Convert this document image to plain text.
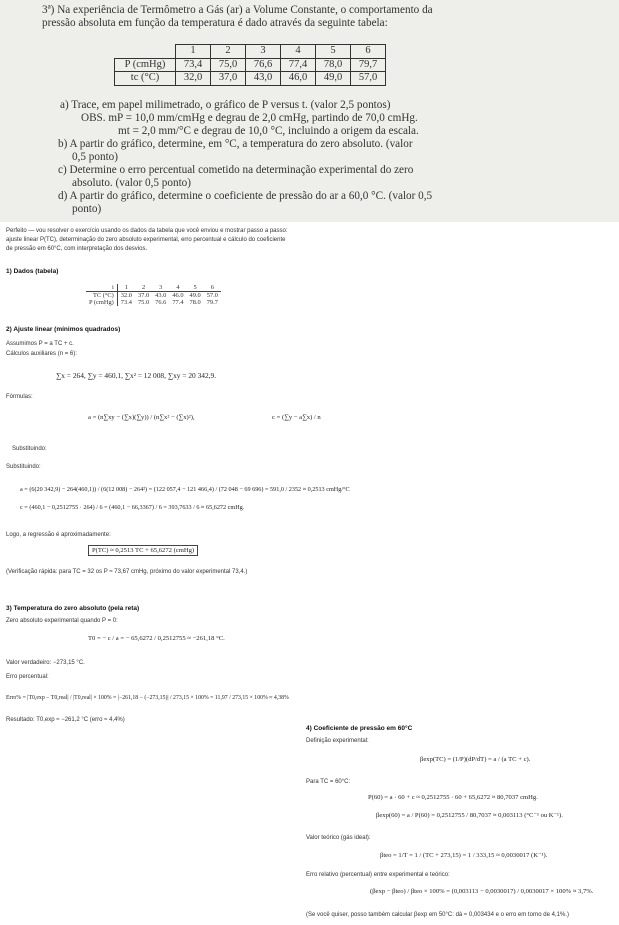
3ª) Na experiência de Termômetro a Gás (ar) a Volume Constante, o comportamento da

pressão absoluta em função da temperatura é dado através da seguinte tabela:

	1	2	3	4	5	6
P (cmHg)	73,4	75,0	76,6	77,4	78,0	79,7
tc (°C)	32,0	37,0	43,0	46,0	49,0	57,0

a) Trace, em papel milimetrado, o gráfico de P versus t. (valor 2,5 pontos)

OBS. mP = 10,0 mm/cmHg e degrau de 2,0 cmHg, partindo de 70,0 cmHg.

mt = 2,0 mm/°C e degrau de 10,0 °C, incluindo a origem da escala.

b) A partir do gráfico, determine, em °C, a temperatura do zero absoluto. (valor

0,5 ponto)

c) Determine o erro percentual cometido na determinação experimental do zero

absoluto. (valor 0,5 ponto)

d) A partir do gráfico, determine o coeficiente de pressão do ar a 60,0 °C. (valor 0,5

ponto)

Perfeito — vou resolver o exercício usando os dados da tabela que você enviou e mostrar passo a passo:
ajuste linear P(TC), determinação do zero absoluto experimental, erro percentual e cálculo do coeficiente
de pressão em 60°C, com interpretação dos desvios.
1) Dados (tabela)
i	1	2	3	4	5	6
TC (°C)	32.0	37.0	43.0	46.0	49.0	57.0
P (cmHg)	73.4	75.0	76.6	77.4	78.0	79.7
2) Ajuste linear (mínimos quadrados)
Assumimos P = a TC + c.
Cálculos auxiliares (n = 6):
∑x = 264, ∑y = 460,1, ∑x² = 12 008, ∑xy = 20 342,9.
Fórmulas:
a = (n∑xy − (∑x)(∑y)) / (n∑x² − (∑x)²),	c = (∑y − a∑x) / n
Substituindo:
Substituindo:
a = (6(20 342,9) − 264(460,1)) / (6(12 008) − 264²) = (122 057,4 − 121 466,4) / (72 048 − 69 696) = 591,0 / 2352 ≈ 0,2513 cmHg/°C
c = (460,1 − 0,2512755 · 264) / 6 = (460,1 − 66,3367) / 6 = 393,7633 / 6 ≈ 65,6272 cmHg.
Logo, a regressão é aproximadamente:
P(TC) ≈ 0,2513 TC + 65,6272 (cmHg)
(Verificação rápida: para TC = 32 os P ≈ 73,67 cmHg, próximo do valor experimental 73,4.)
3) Temperatura do zero absoluto (pela reta)
Zero absoluto experimental quando P = 0:
T0 = − c / a = − 65,6272 / 0,2512755 ≈ −261,18 °C.
Valor verdadeiro: −273,15 °C.
Erro percentual:
Erro% = |T0,exp − T0,real| / |T0,real| × 100% = |−261,18 − (−273,15)| / 273,15 × 100% = 11,97 / 273,15 × 100% ≈ 4,38%
Resultado: T0,exp ≈ −261,2 °C (erro ≈ 4,4%)
4) Coeficiente de pressão em 60°C
Definição experimental:
βexp(TC) = (1/P)(dP/dT) = a / (a TC + c).
Para TC = 60°C:
P(60) = a · 60 + c ≈ 0,2512755 · 60 + 65,6272 ≈ 80,7037 cmHg.
βexp(60) = a / P(60) = 0,2512755 / 80,7037 ≈ 0,003113 (°C⁻¹ ou K⁻¹).
Valor teórico (gás ideal):
βteo = 1/T = 1 / (TC + 273,15) = 1 / 333,15 ≈ 0,0030017 (K⁻¹).
Erro relativo (percentual) entre experimental e teórico:
(βexp − βteo) / βteo × 100% = (0,003113 − 0,0030017) / 0,0030017 × 100% ≈ 3,7%.
(Se você quiser, posso também calcular βexp em 50°C: dá ≈ 0,003434 e o erro em torno de 4,1%.)
